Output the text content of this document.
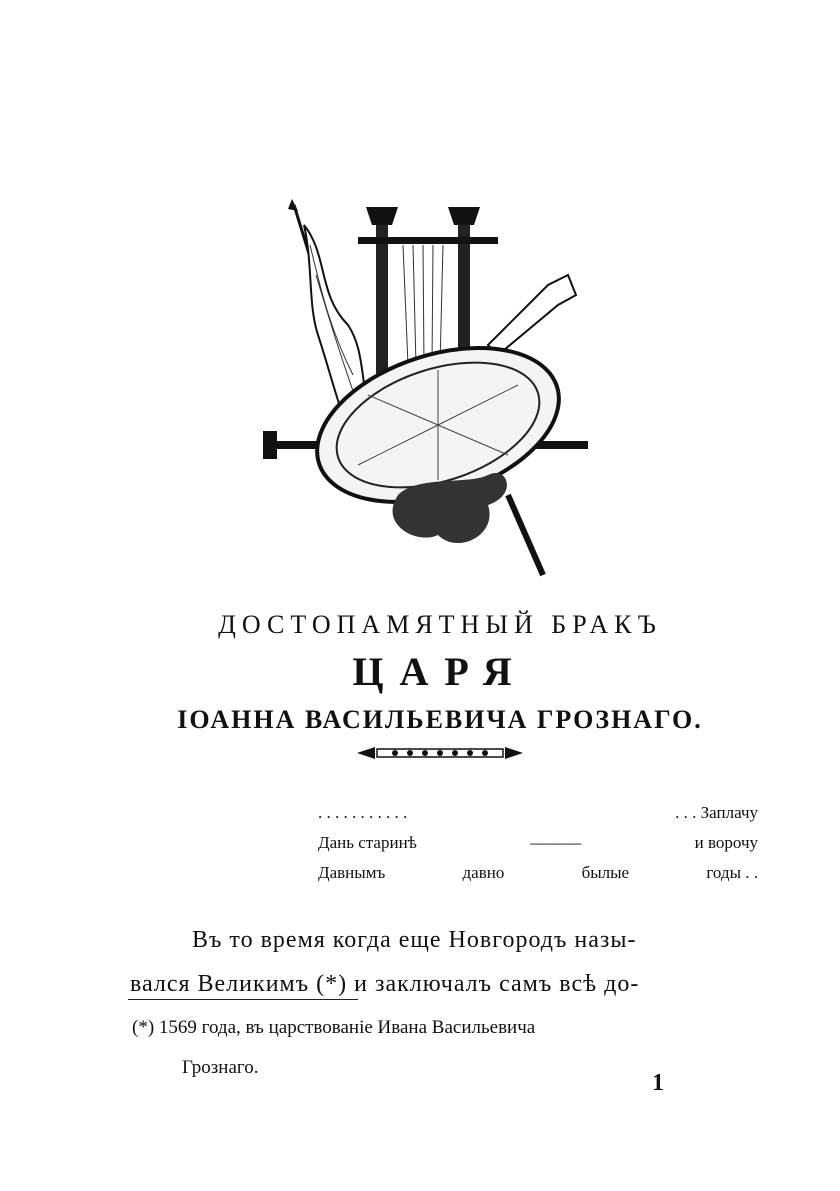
ДОСТОПАМЯТНЫЙ БРАКЪ
ЦАРЯ
ІОАННА ВАСИЛЬЕВИЧА ГРОЗНАГО.
. . . . . . . . . . .	. . . Заплачу
Дань старинѣ	———	и ворочу
Давнымъ	давно	былые	годы . .
Въ то время когда еще Новгородъ назы-
вался Великимъ (*) и заключалъ самъ всѣ до-
(*) 1569 года, въ царствованіе Ивана Васильевича
Грознаго.
1
